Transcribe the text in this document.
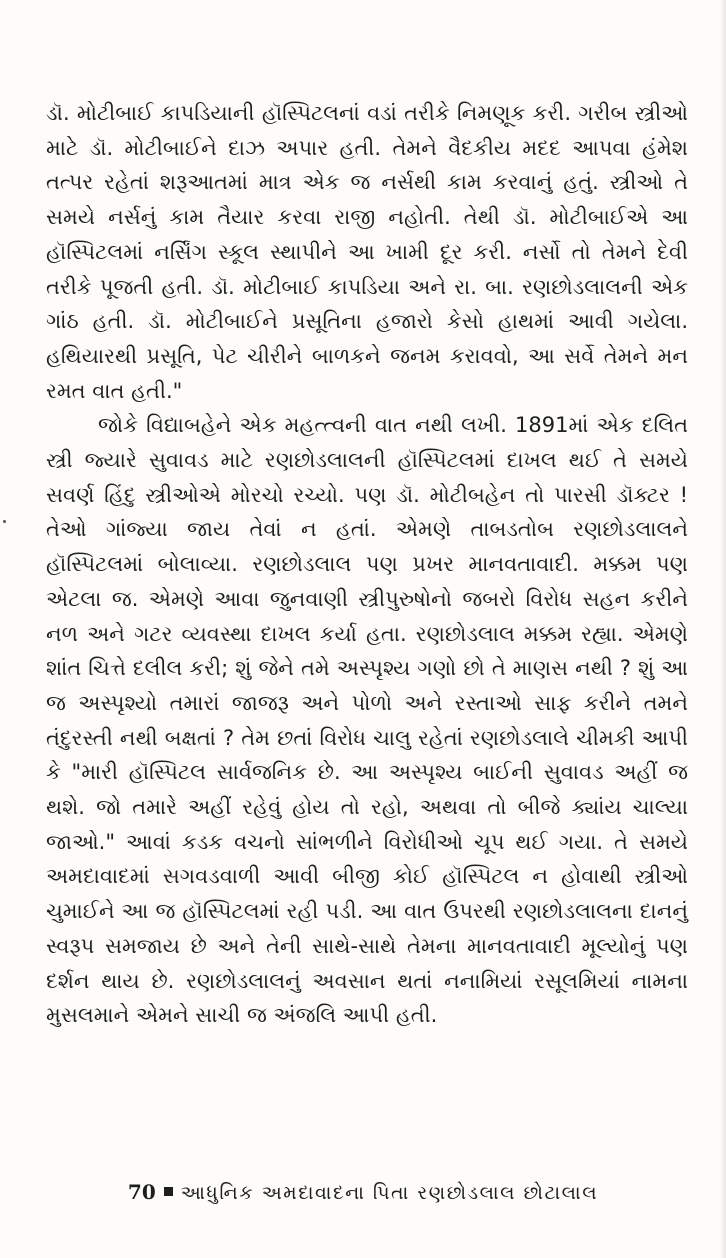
ડૉ. મોટીબાઈ કાપડિયાની હૉસ્પિટલનાં વડાં તરીકે નિમણૂક કરી. ગરીબ સ્ત્રીઓ માટે ડૉ. મોટીબાઈને દાઝ અપાર હતી. તેમને વૈદકીય મદદ આપવા હંમેશ તત્પર રહેતાં શરૂઆતમાં માત્ર એક જ નર્સથી કામ કરવાનું હતું. સ્ત્રીઓ તે સમયે નર્સનું કામ તૈયાર કરવા રાજી નહોતી. તેથી ડૉ. મોટીબાઈએ આ હૉસ્પિટલમાં નર્સિંગ સ્કૂલ સ્થાપીને આ ખામી દૂર કરી. નર્સો તો તેમને દેવી તરીકે પૂજતી હતી. ડૉ. મોટીબાઈ કાપડિયા અને રા. બા. રણછોડલાલની એક ગાંઠ હતી. ડૉ. મોટીબાઈને પ્રસૂતિના હજારો કેસો હાથમાં આવી ગયેલા. હથિયારથી પ્રસૂતિ, પેટ ચીરીને બાળકને જનમ કરાવવો, આ સર્વે તેમને મન રમત વાત હતી."

જોકે વિદ્યાબહેને એક મહત્ત્વની વાત નથી લખી. 1891માં એક દલિત સ્ત્રી જ્યારે સુવાવડ માટે રણછોડલાલની હૉસ્પિટલમાં દાખલ થઈ તે સમયે સવર્ણ હિંદુ સ્ત્રીઓએ મોરચો રચ્યો. પણ ડૉ. મોટીબહેન તો પારસી ડૉક્ટર ! તેઓ ગાંજ્યા જાય તેવાં ન હતાં. એમણે તાબડતોબ રણછોડલાલને હૉસ્પિટલમાં બોલાવ્યા. રણછોડલાલ પણ પ્રખર માનવતાવાદી. મક્કમ પણ એટલા જ. એમણે આવા જુનવાણી સ્ત્રીપુરુષોનો જબરો વિરોધ સહન કરીને નળ અને ગટર વ્યવસ્થા દાખલ કર્યા હતા. રણછોડલાલ મક્કમ રહ્યા. એમણે શાંત ચિત્તે દલીલ કરી; શું જેને તમે અસ્પૃશ્ય ગણો છો તે માણસ નથી ? શું આ જ અસ્પૃશ્યો તમારાં જાજરૂ અને પોળો અને રસ્તાઓ સાફ કરીને તમને તંદુરસ્તી નથી બક્ષતાં ? તેમ છતાં વિરોધ ચાલુ રહેતાં રણછોડલાલે ચીમકી આપી કે "મારી હૉસ્પિટલ સાર્વજનિક છે. આ અસ્પૃશ્ય બાઈની સુવાવડ અહીં જ થશે. જો તમારે અહીં રહેવું હોય તો રહો, અથવા તો બીજે ક્યાંય ચાલ્યા જાઓ." આવાં કડક વચનો સાંભળીને વિરોધીઓ ચૂપ થઈ ગયા. તે સમયે અમદાવાદમાં સગવડવાળી આવી બીજી કોઈ હૉસ્પિટલ ન હોવાથી સ્ત્રીઓ ચુમાઈને આ જ હૉસ્પિટલમાં રહી પડી. આ વાત ઉપરથી રણછોડલાલના દાનનું સ્વરૂપ સમજાય છે અને તેની સાથે-સાથે તેમના માનવતાવાદી મૂલ્યોનું પણ દર્શન થાય છે. રણછોડલાલનું અવસાન થતાં નનામિયાં રસૂલમિયાં નામના મુસલમાને એમને સાચી જ અંજલિ આપી હતી.

70 આધુનિક અમદાવાદના પિતા રણછોડલાલ છોટાલાલ
